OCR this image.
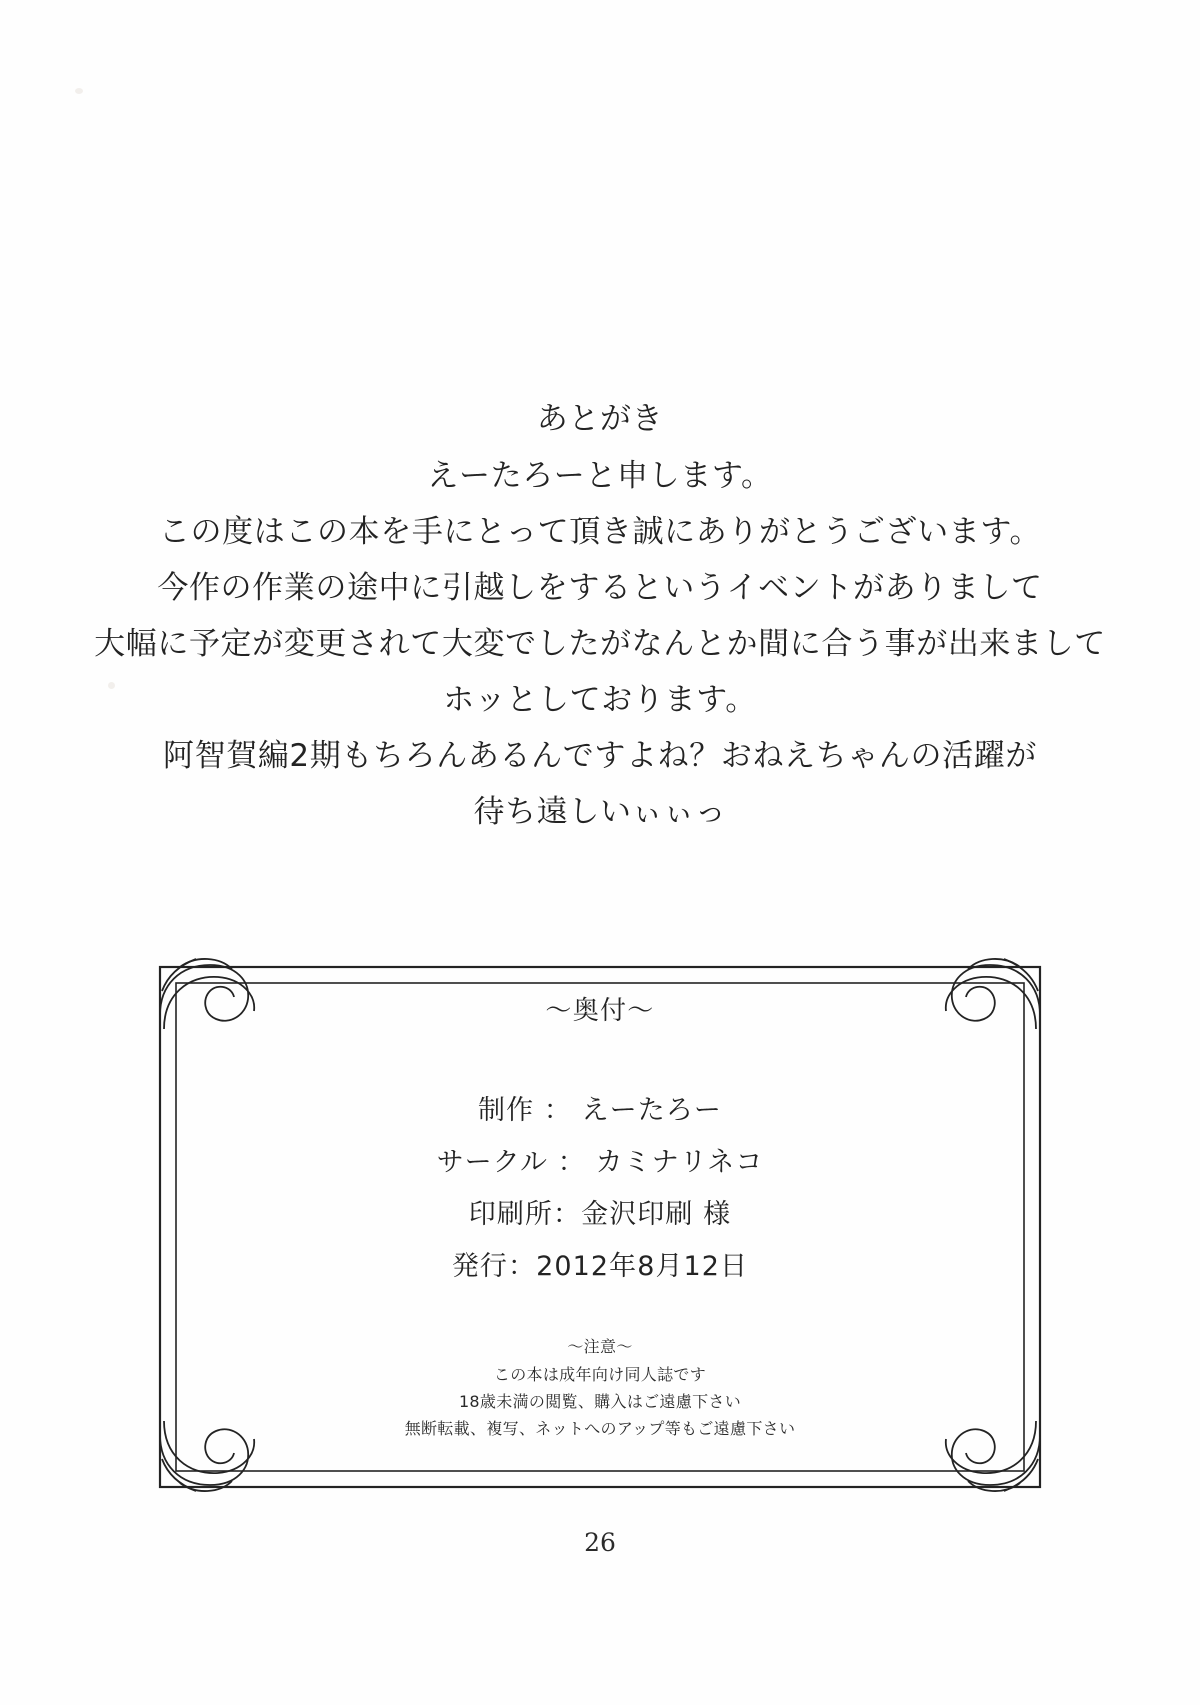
あとがき
えーたろーと申します。
この度はこの本を手にとって頂き誠にありがとうございます。
今作の作業の途中に引越しをするというイベントがありまして
大幅に予定が変更されて大変でしたがなんとか間に合う事が出来まして
ホッとしております。
阿智賀編2期もちろんあるんですよね？おねえちゃんの活躍が
待ち遠しいぃぃっ
〜奥付〜
制作 ： えーたろー
サークル ： カミナリネコ
印刷所：金沢印刷 様
発行：2012年8月12日
〜注意〜
この本は成年向け同人誌です
18歳未満の閲覧、購入はご遠慮下さい
無断転載、複写、ネットへのアップ等もご遠慮下さい
26
